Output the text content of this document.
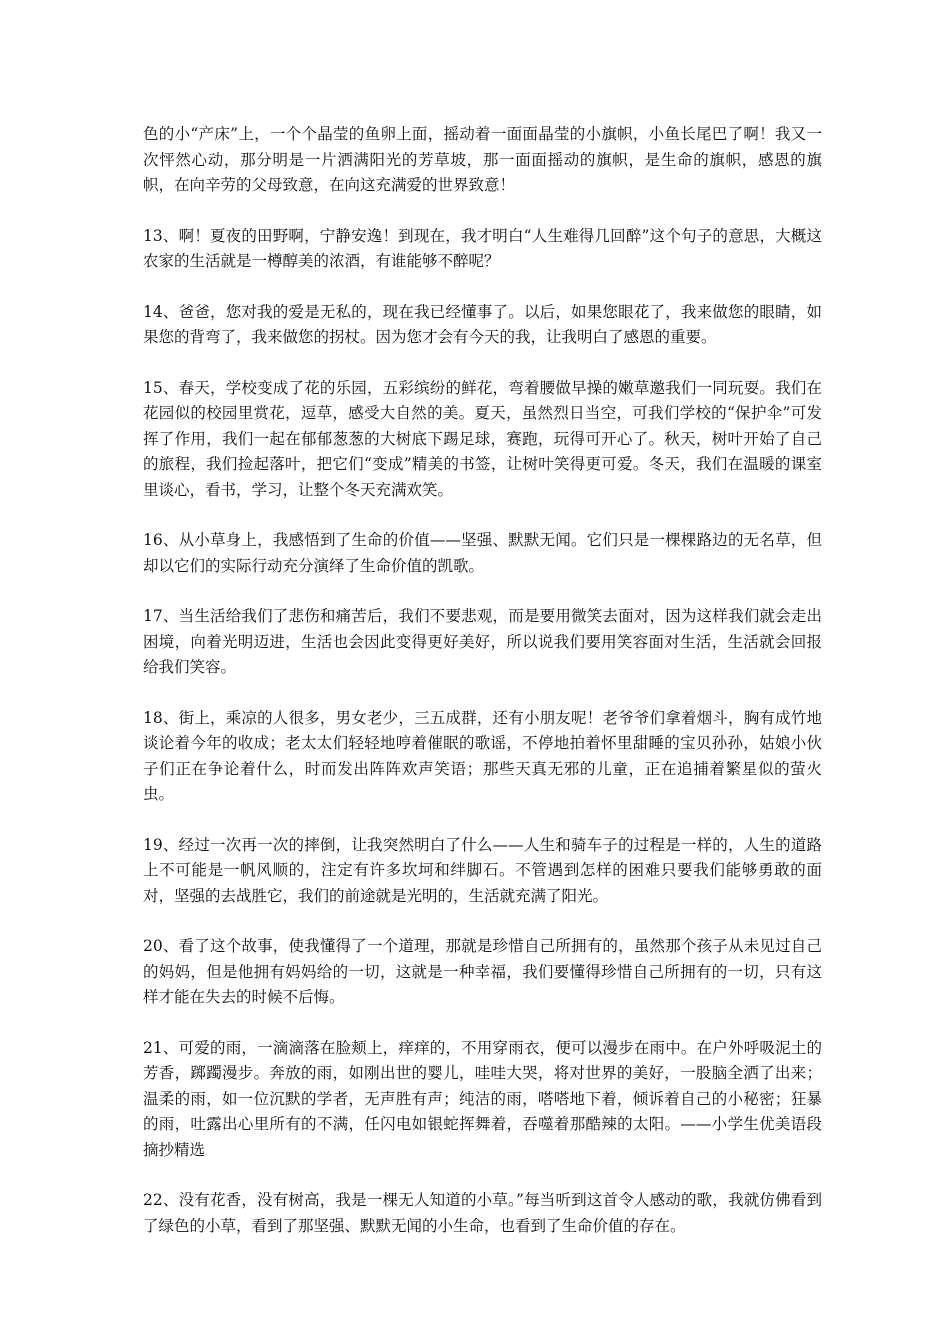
色的小“产床”上，一个个晶莹的鱼卵上面，摇动着一面面晶莹的小旗帜，小鱼长尾巴了啊！我又一次怦然心动，那分明是一片洒满阳光的芳草坡，那一面面摇动的旗帜，是生命的旗帜，感恩的旗帜，在向辛劳的父母致意，在向这充满爱的世界致意！

13、啊！夏夜的田野啊，宁静安逸！到现在，我才明白“人生难得几回醉”这个句子的意思，大概这农家的生活就是一樽醇美的浓酒，有谁能够不醉呢？

14、爸爸，您对我的爱是无私的，现在我已经懂事了。以后，如果您眼花了，我来做您的眼睛，如果您的背弯了，我来做您的拐杖。因为您才会有今天的我，让我明白了感恩的重要。

15、春天，学校变成了花的乐园，五彩缤纷的鲜花，弯着腰做早操的嫩草邀我们一同玩耍。我们在花园似的校园里赏花，逗草，感受大自然的美。夏天，虽然烈日当空，可我们学校的“保护伞”可发挥了作用，我们一起在郁郁葱葱的大树底下踢足球，赛跑，玩得可开心了。秋天，树叶开始了自己的旅程，我们捡起落叶，把它们“变成”精美的书签，让树叶笑得更可爱。冬天，我们在温暖的课室里谈心，看书，学习，让整个冬天充满欢笑。

16、从小草身上，我感悟到了生命的价值——坚强、默默无闻。它们只是一棵棵路边的无名草，但却以它们的实际行动充分演绎了生命价值的凯歌。

17、当生活给我们了悲伤和痛苦后，我们不要悲观，而是要用微笑去面对，因为这样我们就会走出困境，向着光明迈进，生活也会因此变得更好美好，所以说我们要用笑容面对生活，生活就会回报给我们笑容。

18、街上，乘凉的人很多，男女老少，三五成群，还有小朋友呢！老爷爷们拿着烟斗，胸有成竹地谈论着今年的收成；老太太们轻轻地哼着催眠的歌谣，不停地拍着怀里甜睡的宝贝孙孙，姑娘小伙子们正在争论着什么，时而发出阵阵欢声笑语；那些天真无邪的儿童，正在追捕着繁星似的萤火虫。

19、经过一次再一次的摔倒，让我突然明白了什么——人生和骑车子的过程是一样的，人生的道路上不可能是一帆风顺的，注定有许多坎坷和绊脚石。不管遇到怎样的困难只要我们能够勇敢的面对，坚强的去战胜它，我们的前途就是光明的，生活就充满了阳光。

20、看了这个故事，使我懂得了一个道理，那就是珍惜自己所拥有的，虽然那个孩子从未见过自己的妈妈，但是他拥有妈妈给的一切，这就是一种幸福，我们要懂得珍惜自己所拥有的一切，只有这样才能在失去的时候不后悔。

21、可爱的雨，一滴滴落在脸颊上，痒痒的，不用穿雨衣，便可以漫步在雨中。在户外呼吸泥土的芳香，踯躅漫步。奔放的雨，如刚出世的婴儿，哇哇大哭，将对世界的美好，一股脑全洒了出来；温柔的雨，如一位沉默的学者，无声胜有声；纯洁的雨，嗒嗒地下着，倾诉着自己的小秘密；狂暴的雨，吐露出心里所有的不满，任闪电如银蛇挥舞着，吞噬着那酷辣的太阳。——小学生优美语段摘抄精选

22、没有花香，没有树高，我是一棵无人知道的小草。”每当听到这首令人感动的歌，我就仿佛看到了绿色的小草，看到了那坚强、默默无闻的小生命，也看到了生命价值的存在。
